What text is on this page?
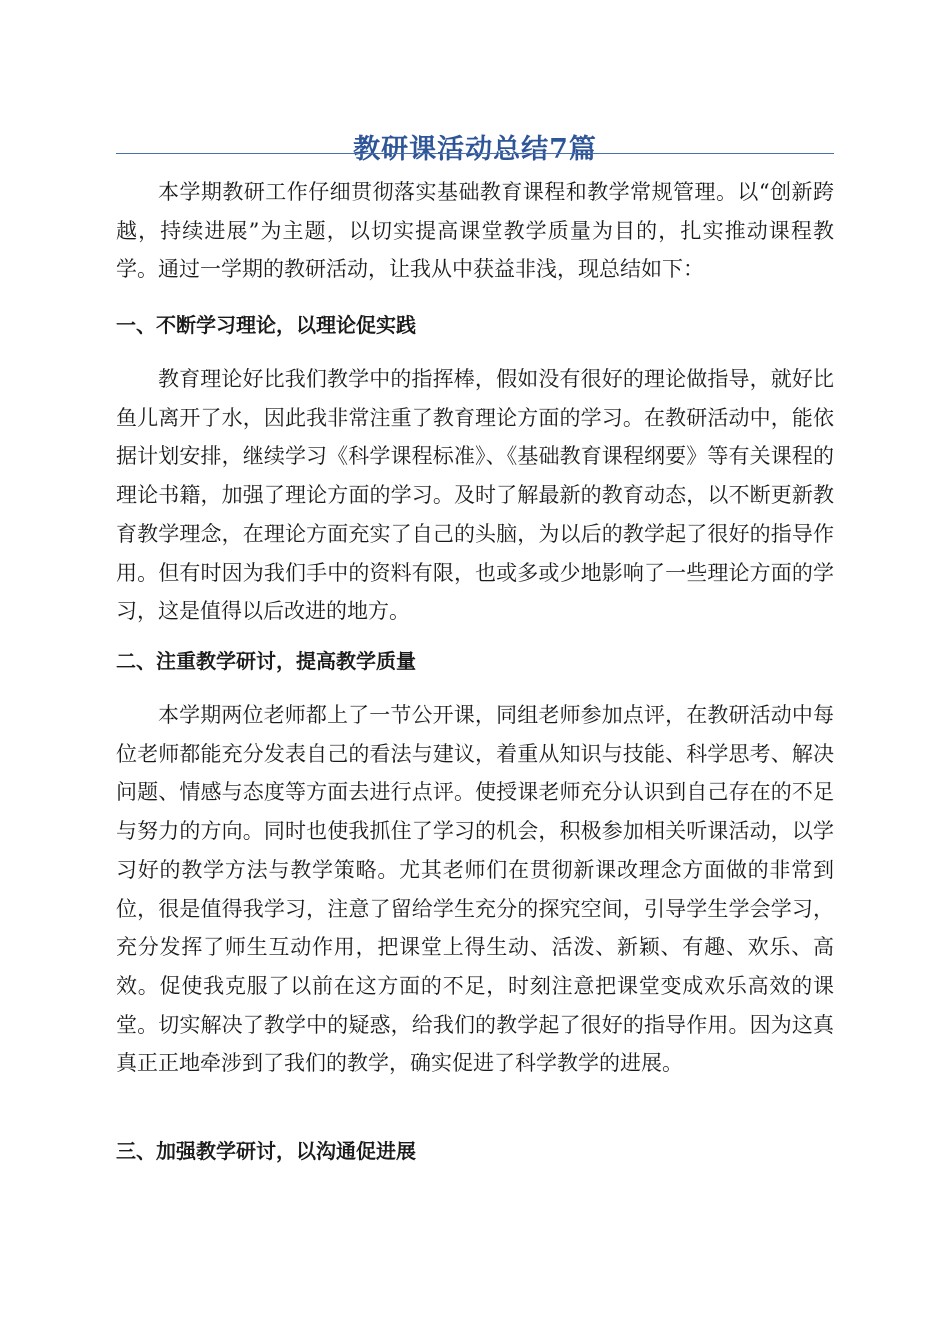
教研课活动总结7篇

本学期教研工作仔细贯彻落实基础教育课程和教学常规管理。以“创新跨越，持续进展”为主题，以切实提高课堂教学质量为目的，扎实推动课程教学。通过一学期的教研活动，让我从中获益非浅，现总结如下：

一、不断学习理论，以理论促实践

教育理论好比我们教学中的指挥棒，假如没有很好的理论做指导，就好比鱼儿离开了水，因此我非常注重了教育理论方面的学习。在教研活动中，能依据计划安排，继续学习《科学课程标准》、《基础教育课程纲要》等有关课程的理论书籍，加强了理论方面的学习。及时了解最新的教育动态，以不断更新教育教学理念，在理论方面充实了自己的头脑，为以后的教学起了很好的指导作用。但有时因为我们手中的资料有限，也或多或少地影响了一些理论方面的学习，这是值得以后改进的地方。

二、注重教学研讨，提高教学质量

本学期两位老师都上了一节公开课，同组老师参加点评，在教研活动中每位老师都能充分发表自己的看法与建议，着重从知识与技能、科学思考、解决问题、情感与态度等方面去进行点评。使授课老师充分认识到自己存在的不足与努力的方向。同时也使我抓住了学习的机会，积极参加相关听课活动，以学习好的教学方法与教学策略。尤其老师们在贯彻新课改理念方面做的非常到位，很是值得我学习，注意了留给学生充分的探究空间，引导学生学会学习，充分发挥了师生互动作用，把课堂上得生动、活泼、新颖、有趣、欢乐、高效。促使我克服了以前在这方面的不足，时刻注意把课堂变成欢乐高效的课堂。切实解决了教学中的疑惑，给我们的教学起了很好的指导作用。因为这真真正正地牵涉到了我们的教学，确实促进了科学教学的进展。

三、加强教学研讨，以沟通促进展
